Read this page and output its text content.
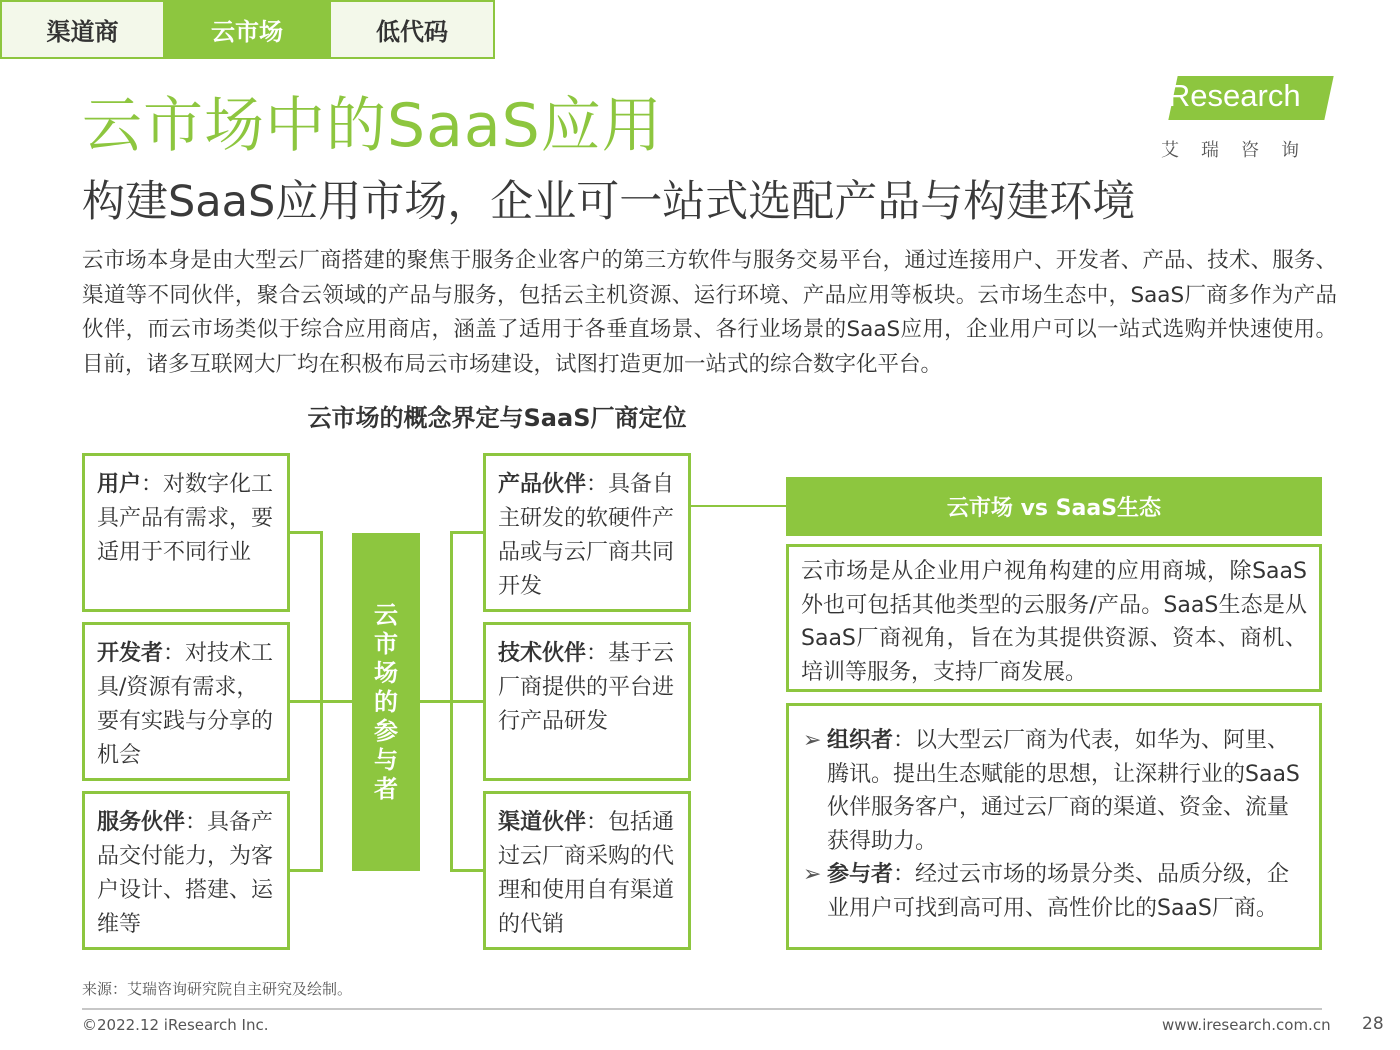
渠道商	云市场	低代码
云市场中的SaaS应用
构建SaaS应用市场，企业可一站式选配产品与构建环境
iResearch
艾瑞咨询
云市场本身是由大型云厂商搭建的聚焦于服务企业客户的第三方软件与服务交易平台，通过连接用户、开发者、产品、技术、服务、渠道等不同伙伴，聚合云领域的产品与服务，包括云主机资源、运行环境、产品应用等板块。云市场生态中，SaaS厂商多作为产品伙伴，而云市场类似于综合应用商店，涵盖了适用于各垂直场景、各行业场景的SaaS应用，企业用户可以一站式选购并快速使用。目前，诸多互联网大厂均在积极布局云市场建设，试图打造更加一站式的综合数字化平台。
云市场的概念界定与SaaS厂商定位
用户：对数字化工具产品有需求，要适用于不同行业
开发者：对技术工具/资源有需求，要有实践与分享的机会
服务伙伴：具备产品交付能力，为客户设计、搭建、运维等
云市场的参与者
产品伙伴：具备自主研发的软硬件产品或与云厂商共同开发
技术伙伴：基于云厂商提供的平台进行产品研发
渠道伙伴：包括通过云厂商采购的代理和使用自有渠道的代销
云市场 vs SaaS生态
云市场是从企业用户视角构建的应用商城，除SaaS外也可包括其他类型的云服务/产品。SaaS生态是从SaaS厂商视角，旨在为其提供资源、资本、商机、培训等服务，支持厂商发展。
➢ 组织者：以大型云厂商为代表，如华为、阿里、腾讯。提出生态赋能的思想，让深耕行业的SaaS伙伴服务客户，通过云厂商的渠道、资金、流量获得助力。
➢ 参与者：经过云市场的场景分类、品质分级，企业用户可找到高可用、高性价比的SaaS厂商。
来源：艾瑞咨询研究院自主研究及绘制。
©2022.12 iResearch Inc.	www.iresearch.com.cn 28
